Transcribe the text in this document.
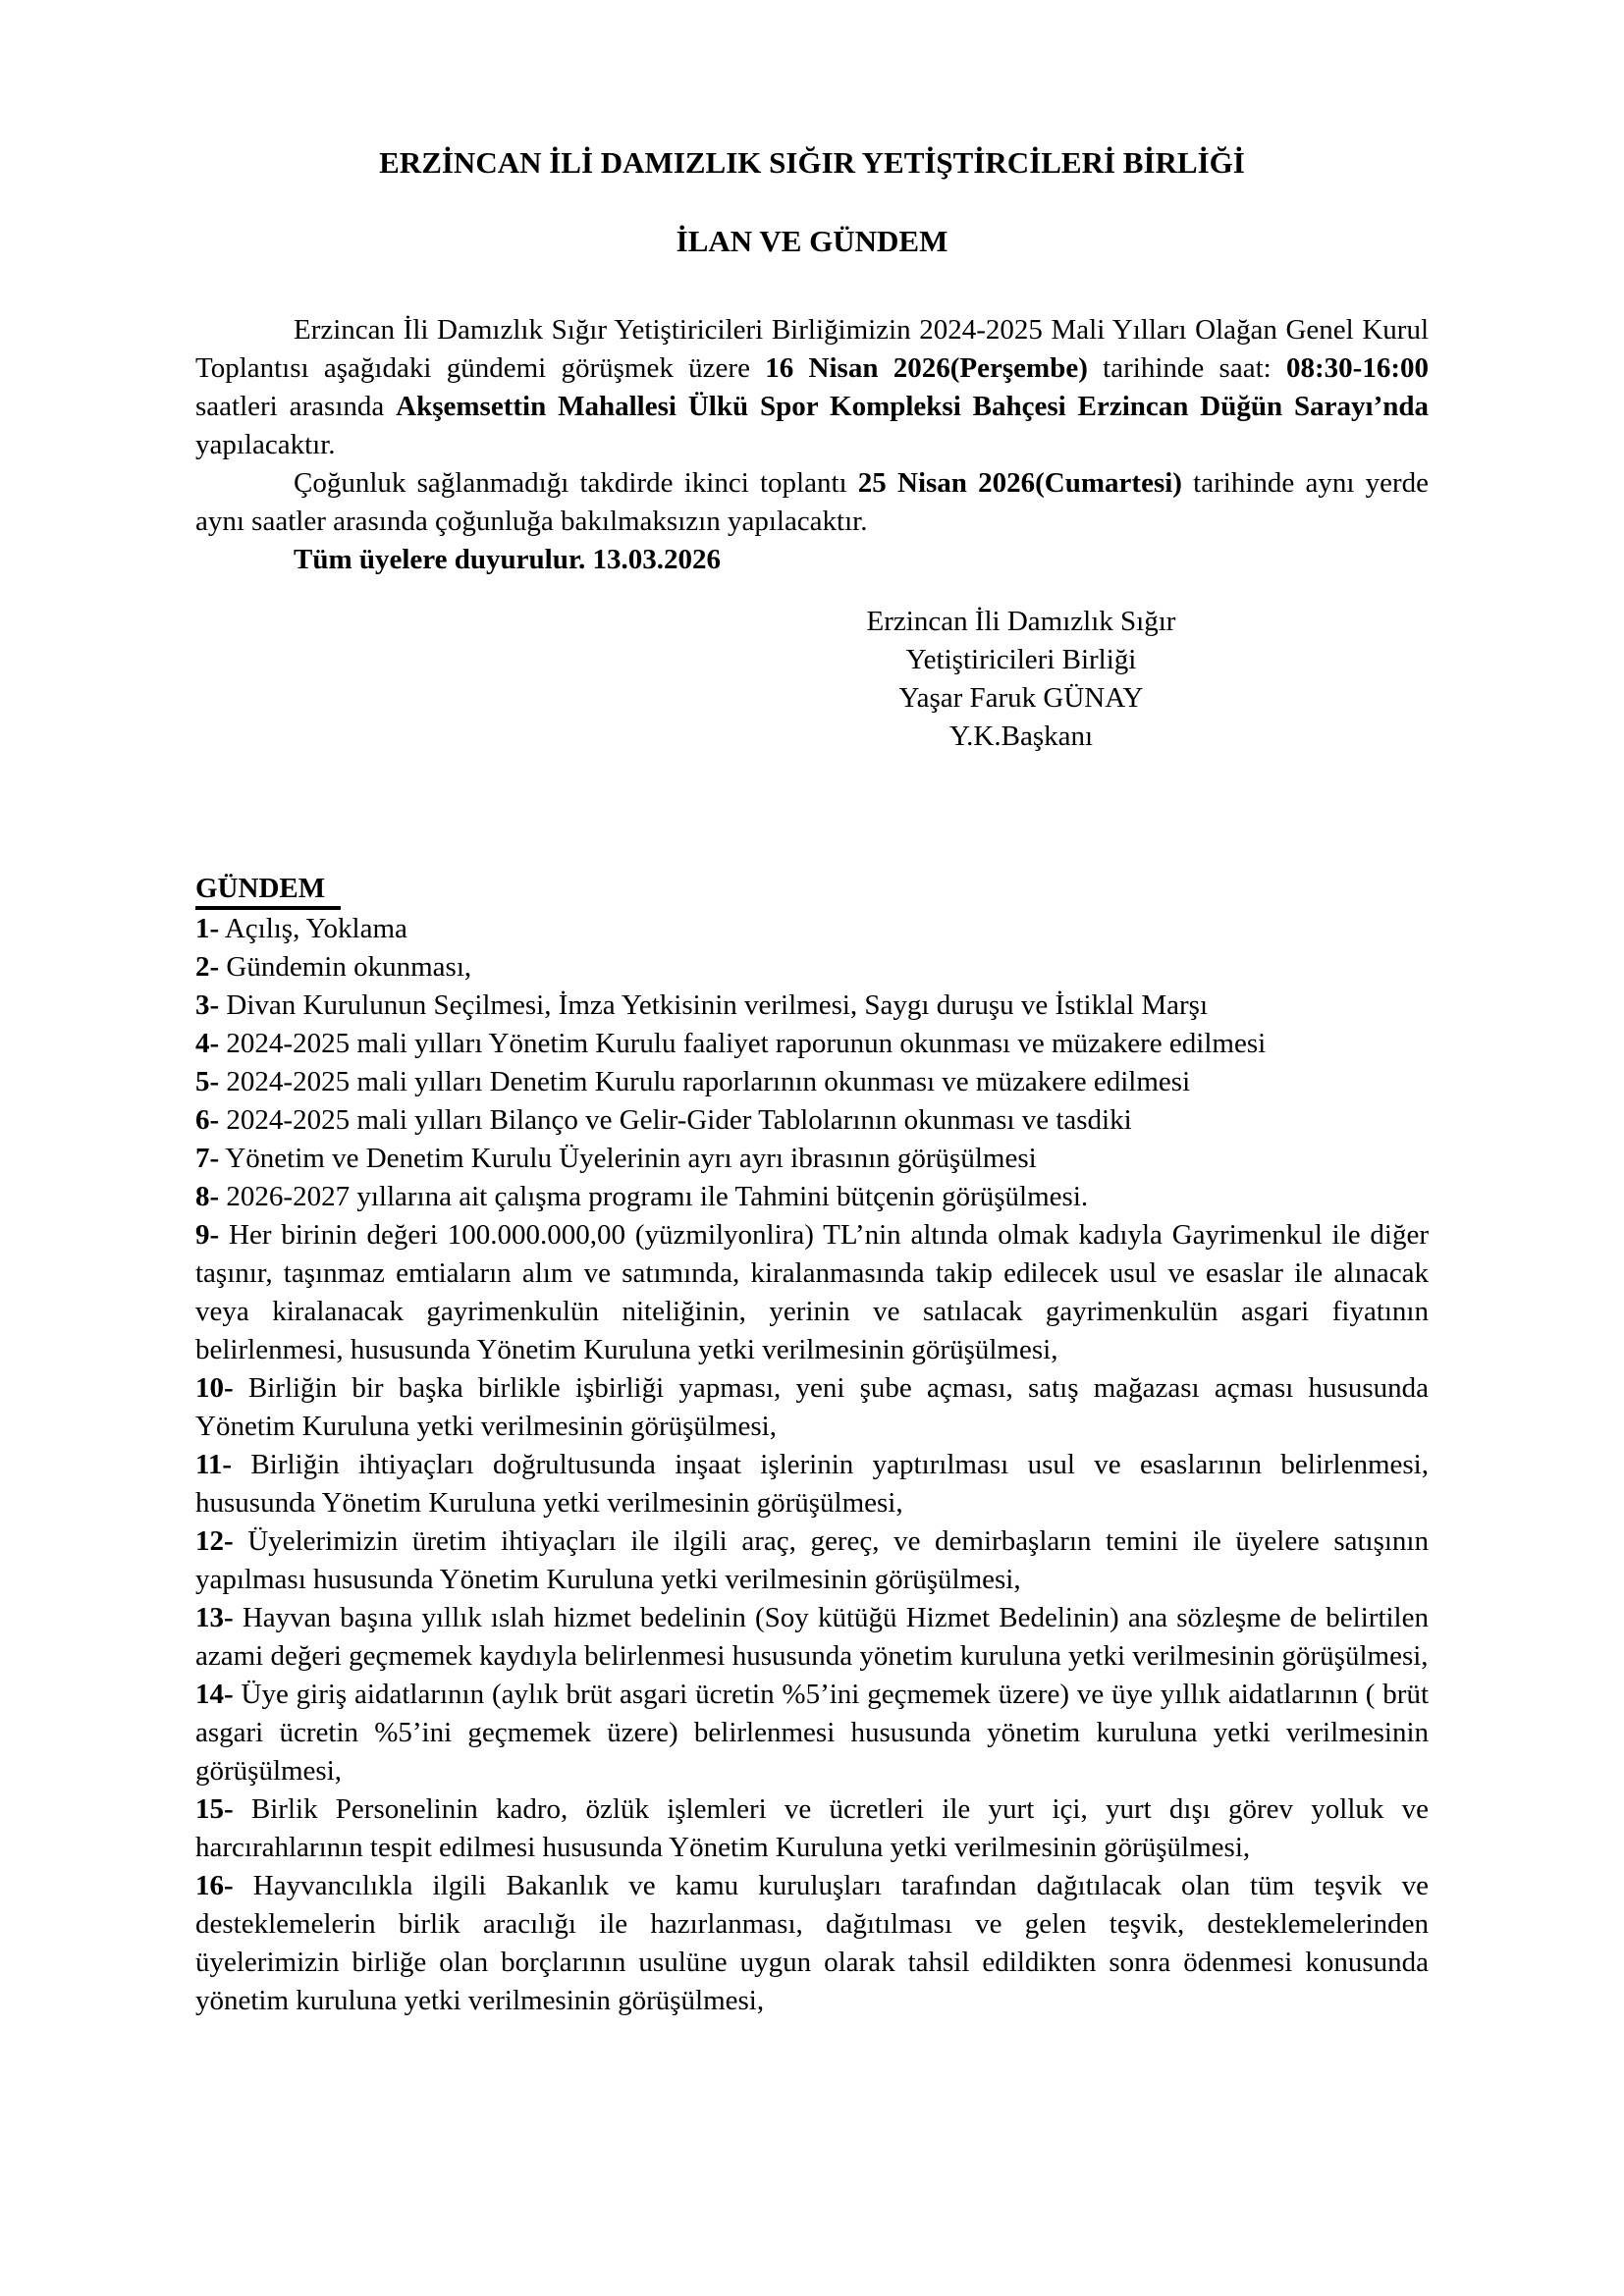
ERZİNCAN İLİ DAMIZLIK SIĞIR YETİŞTİRCİLERİ BİRLİĞİ
İLAN VE GÜNDEM

Erzincan İli Damızlık Sığır Yetiştiricileri Birliğimizin 2024-2025 Mali Yılları Olağan Genel Kurul Toplantısı aşağıdaki gündemi görüşmek üzere 16 Nisan 2026(Perşembe) tarihinde saat: 08:30-16:00 saatleri arasında Akşemsettin Mahallesi Ülkü Spor Kompleksi Bahçesi Erzincan Düğün Sarayı’nda yapılacaktır.

Çoğunluk sağlanmadığı takdirde ikinci toplantı 25 Nisan 2026(Cumartesi) tarihinde aynı yerde aynı saatler arasında çoğunluğa bakılmaksızın yapılacaktır.

Tüm üyelere duyurulur. 13.03.2026

Erzincan İli Damızlık Sığır
Yetiştiricileri Birliği
Yaşar Faruk GÜNAY
Y.K.Başkanı
GÜNDEM

1- Açılış, Yoklama

2- Gündemin okunması,

3- Divan Kurulunun Seçilmesi, İmza Yetkisinin verilmesi, Saygı duruşu ve İstiklal Marşı

4- 2024-2025 mali yılları Yönetim Kurulu faaliyet raporunun okunması ve müzakere edilmesi

5- 2024-2025 mali yılları Denetim Kurulu raporlarının okunması ve müzakere edilmesi

6- 2024-2025 mali yılları Bilanço ve Gelir-Gider Tablolarının okunması ve tasdiki

7- Yönetim ve Denetim Kurulu Üyelerinin ayrı ayrı ibrasının görüşülmesi

8- 2026-2027 yıllarına ait çalışma programı ile Tahmini bütçenin görüşülmesi.

9- Her birinin değeri 100.000.000,00 (yüzmilyonlira) TL’nin altında olmak kadıyla Gayrimenkul ile diğer taşınır, taşınmaz emtiaların alım ve satımında, kiralanmasında takip edilecek usul ve esaslar ile alınacak veya kiralanacak gayrimenkulün niteliğinin, yerinin ve satılacak gayrimenkulün asgari fiyatının belirlenmesi, hususunda Yönetim Kuruluna yetki verilmesinin görüşülmesi,

10- Birliğin bir başka birlikle işbirliği yapması, yeni şube açması, satış mağazası açması hususunda Yönetim Kuruluna yetki verilmesinin görüşülmesi,

11- Birliğin ihtiyaçları doğrultusunda inşaat işlerinin yaptırılması usul ve esaslarının belirlenmesi, hususunda Yönetim Kuruluna yetki verilmesinin görüşülmesi,

12- Üyelerimizin üretim ihtiyaçları ile ilgili araç, gereç, ve demirbaşların temini ile üyelere satışının yapılması hususunda Yönetim Kuruluna yetki verilmesinin görüşülmesi,

13- Hayvan başına yıllık ıslah hizmet bedelinin (Soy kütüğü Hizmet Bedelinin) ana sözleşme de belirtilen azami değeri geçmemek kaydıyla belirlenmesi hususunda yönetim kuruluna yetki verilmesinin görüşülmesi,

14- Üye giriş aidatlarının (aylık brüt asgari ücretin %5’ini geçmemek üzere) ve üye yıllık aidatlarının ( brüt asgari ücretin %5’ini geçmemek üzere) belirlenmesi hususunda yönetim kuruluna yetki verilmesinin görüşülmesi,

15- Birlik Personelinin kadro, özlük işlemleri ve ücretleri ile yurt içi, yurt dışı görev yolluk ve harcırahlarının tespit edilmesi hususunda Yönetim Kuruluna yetki verilmesinin görüşülmesi,

16- Hayvancılıkla ilgili Bakanlık ve kamu kuruluşları tarafından dağıtılacak olan tüm teşvik ve desteklemelerin birlik aracılığı ile hazırlanması, dağıtılması ve gelen teşvik, desteklemelerinden üyelerimizin birliğe olan borçlarının usulüne uygun olarak tahsil edildikten sonra ödenmesi konusunda yönetim kuruluna yetki verilmesinin görüşülmesi,
